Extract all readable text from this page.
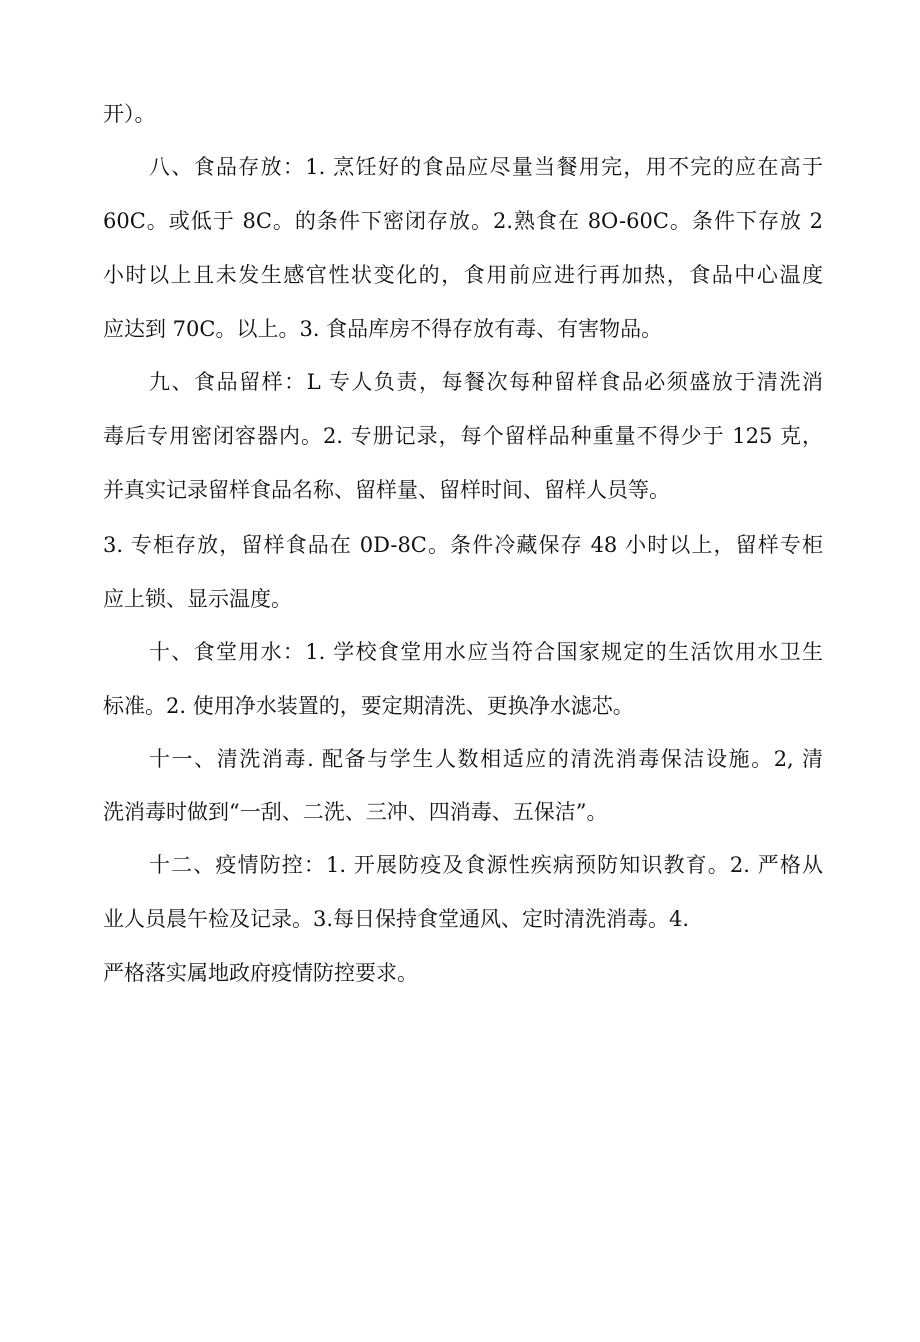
开）。
八、食品存放：1. 烹饪好的食品应尽量当餐用完，用不完的应在高于
60C。或低于 8C。的条件下密闭存放。2.熟食在 8O-60C。条件下存放 2
小时以上且未发生感官性状变化的，食用前应进行再加热，食品中心温度
应达到 70C。以上。3. 食品库房不得存放有毒、有害物品。
九、食品留样：L 专人负责，每餐次每种留样食品必须盛放于清洗消
毒后专用密闭容器内。2. 专册记录，每个留样品种重量不得少于 125 克，
并真实记录留样食品名称、留样量、留样时间、留样人员等。
3. 专柜存放，留样食品在 0D-8C。条件冷藏保存 48 小时以上，留样专柜
应上锁、显示温度。
十、食堂用水：1. 学校食堂用水应当符合国家规定的生活饮用水卫生
标准。2. 使用净水装置的，要定期清洗、更换净水滤芯。
十一、清洗消毒. 配备与学生人数相适应的清洗消毒保洁设施。2, 清
洗消毒时做到“一刮、二洗、三冲、四消毒、五保洁”。
十二、疫情防控：1. 开展防疫及食源性疾病预防知识教育。2. 严格从
业人员晨午检及记录。3.每日保持食堂通风、定时清洗消毒。4.
严格落实属地政府疫情防控要求。
